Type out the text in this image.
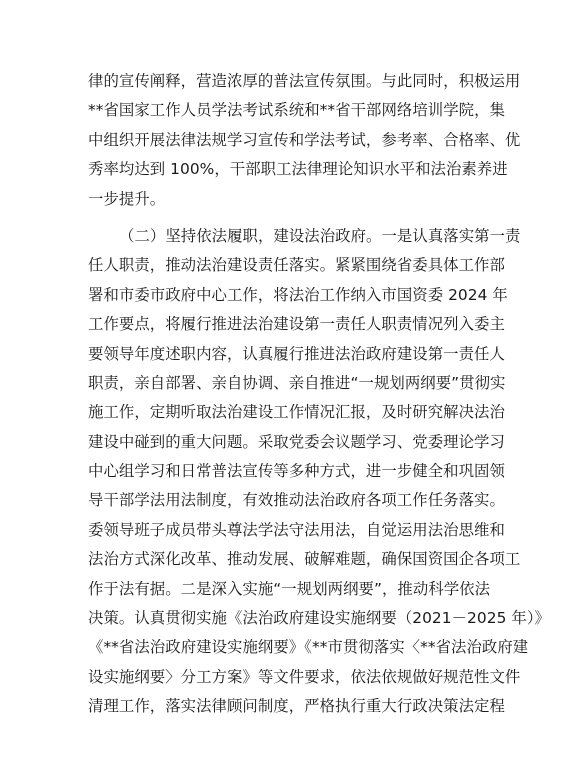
律的宣传阐释，营造浓厚的普法宣传氛围。与此同时，积极运用
**省国家工作人员学法考试系统和**省干部网络培训学院，集
中组织开展法律法规学习宣传和学法考试，参考率、合格率、优
秀率均达到 100%，干部职工法律理论知识水平和法治素养进
一步提升。
（二）坚持依法履职，建设法治政府。一是认真落实第一责
任人职责，推动法治建设责任落实。紧紧围绕省委具体工作部
署和市委市政府中心工作，将法治工作纳入市国资委 2024 年
工作要点，将履行推进法治建设第一责任人职责情况列入委主
要领导年度述职内容，认真履行推进法治政府建设第一责任人
职责，亲自部署、亲自协调、亲自推进“一规划两纲要”贯彻实
施工作，定期听取法治建设工作情况汇报，及时研究解决法治
建设中碰到的重大问题。采取党委会议题学习、党委理论学习
中心组学习和日常普法宣传等多种方式，进一步健全和巩固领
导干部学法用法制度，有效推动法治政府各项工作任务落实。
委领导班子成员带头尊法学法守法用法，自觉运用法治思维和
法治方式深化改革、推动发展、破解难题，确保国资国企各项工
作于法有据。二是深入实施“一规划两纲要”，推动科学依法
决策。认真贯彻实施《法治政府建设实施纲要（2021－2025 年）》
《**省法治政府建设实施纲要》《**市贯彻落实〈**省法治政府建
设实施纲要〉分工方案》等文件要求，依法依规做好规范性文件
清理工作，落实法律顾问制度，严格执行重大行政决策法定程
